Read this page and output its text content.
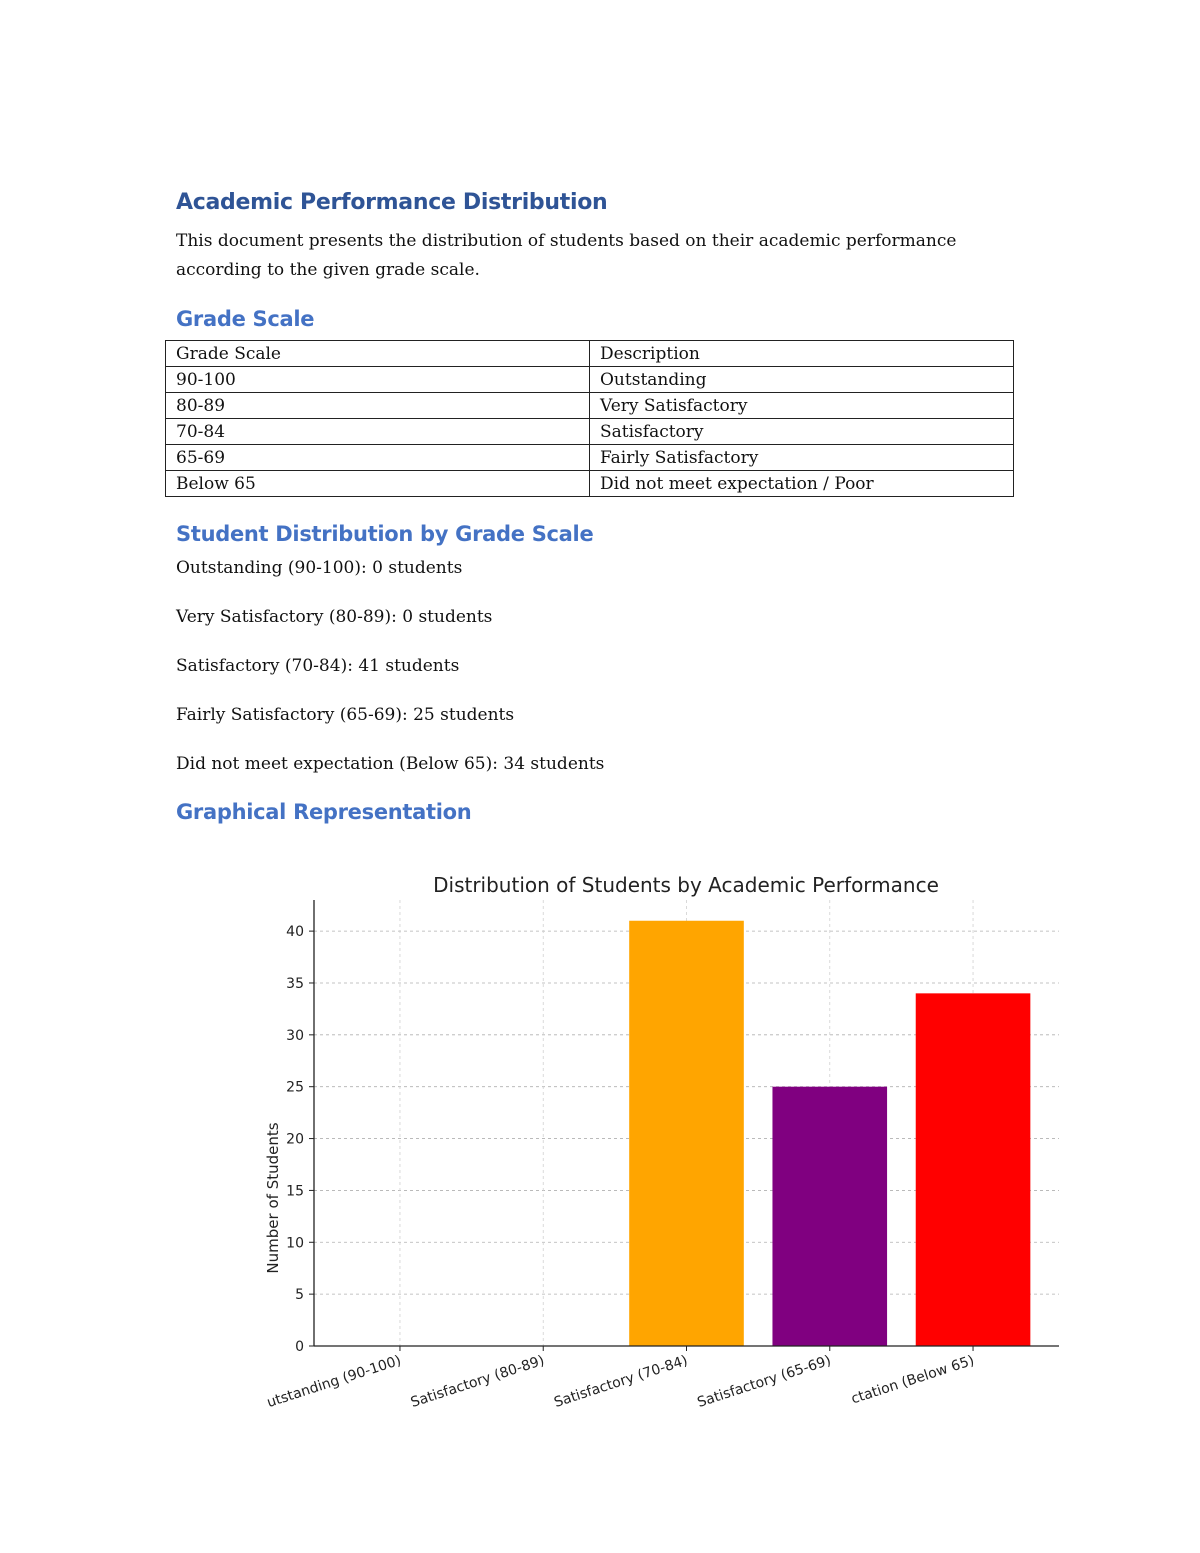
Academic Performance Distribution

This document presents the distribution of students based on their academic performance according to the given grade scale.

Grade Scale
Grade Scale	Description
90-100	Outstanding
80-89	Very Satisfactory
70-84	Satisfactory
65-69	Fairly Satisfactory
Below 65	Did not meet expectation / Poor
Student Distribution by Grade Scale
Outstanding (90-100): 0 students
Very Satisfactory (80-89): 0 students
Satisfactory (70-84): 41 students
Fairly Satisfactory (65-69): 25 students
Did not meet expectation (Below 65): 34 students
Graphical Representation
Distribution of Students by Academic Performance
Number of Students
0
5
10
15
20
25
30
35
40
utstanding (90-100) Satisfactory (80-89) Satisfactory (70-84) Satisfactory (65-69) ctation (Below 65)
